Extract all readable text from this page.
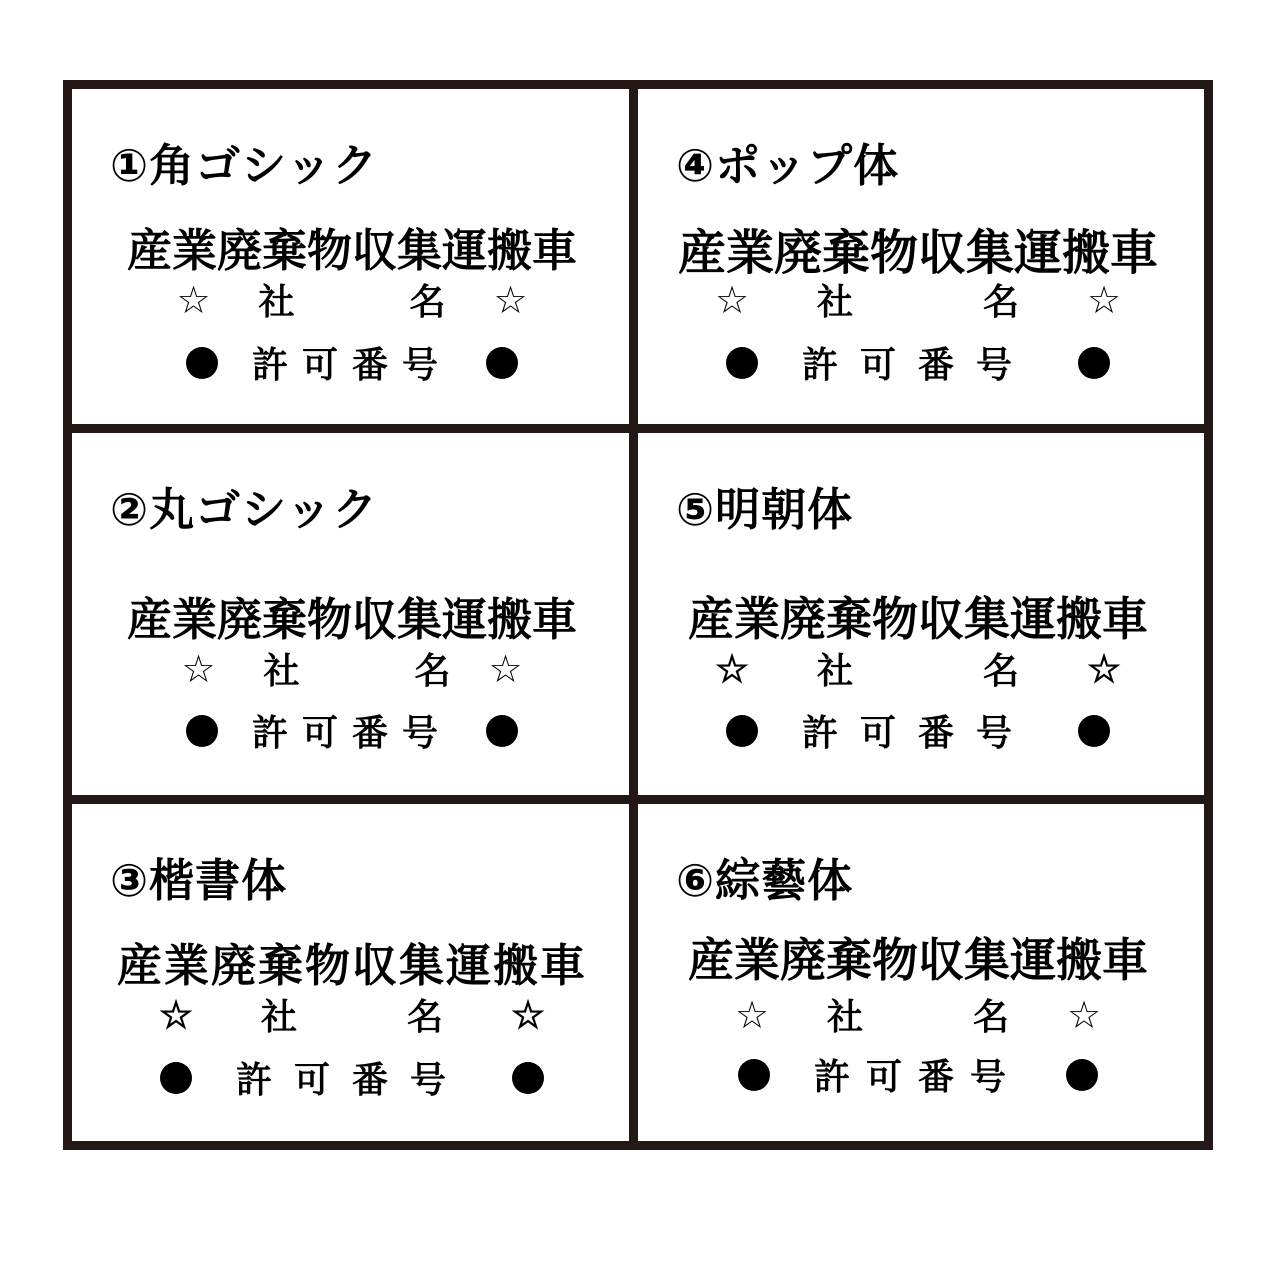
①角ゴシック
産業廃棄物収集運搬車
☆ 社	名 ☆
許可番号
②丸ゴシック
産業廃棄物収集運搬車
☆ 社	名 ☆
許可番号
③楷書体
産業廃棄物収集運搬車
☆ 社	名 ☆
許可番号
④ポップ体
産業廃棄物収集運搬車
☆ 社	名 ☆
許可番号
⑤明朝体
産業廃棄物収集運搬車
☆ 社	名 ☆
許可番号
⑥綜藝体
産業廃棄物収集運搬車
☆ 社	名 ☆
許可番号
